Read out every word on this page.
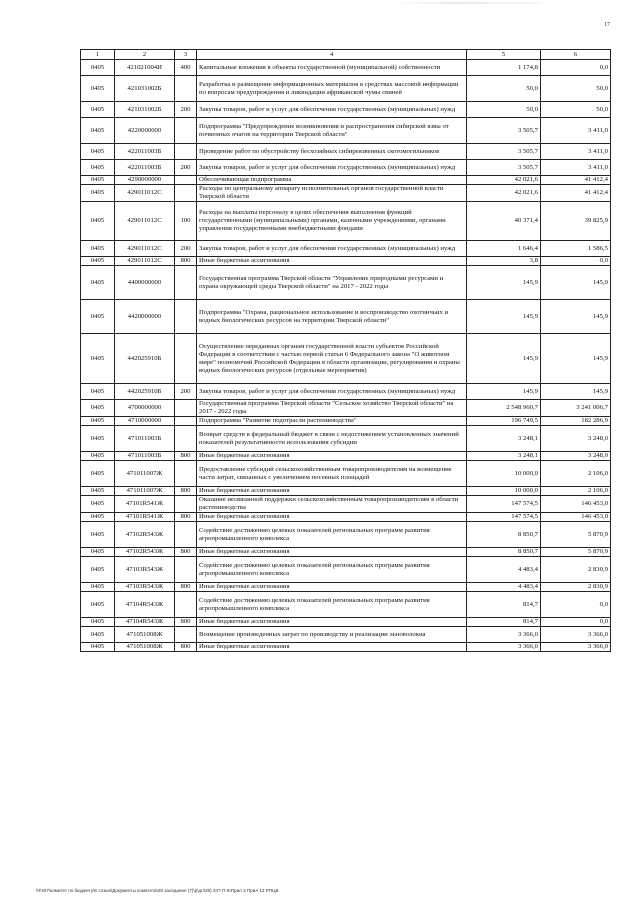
17
1	2	3	4	5	6
0405	421021004И	400	Капитальные вложения в объекты государственной (муниципальной) собственности	1 174,8	0,0
0405	421031002Б		Разработка и размещение информационных материалов в средствах массовой информации по вопросам предупреждения и ликвидации африканской чумы свиней	50,0	50,0
0405	421031002Б	200	Закупка товаров, работ и услуг для обеспечения государственных (муниципальных) нужд	50,0	50,0
0405	4220000000		Подпрограмма "Предупреждение возникновения и распространения сибирской язвы от почвенных очагов на территории Тверской области"	3 505,7	3 411,0
0405	422011003Б		Проведение работ по обустройству бесхозяйных сибиреязвенных скотомогильников	3 505,7	3 411,0
0405	422011003Б	200	Закупка товаров, работ и услуг для обеспечения государственных (муниципальных) нужд	3 505,7	3 411,0
0405	4290000000		Обеспечивающая подпрограмма	42 021,6	41 412,4
0405	429011012С		Расходы по центральному аппарату исполнительных органов государственной власти Тверской области	42 021,6	41 412,4
0405	429011012С	100	Расходы на выплаты персоналу в целях обеспечения выполнения функций государственными (муниципальными) органами, казенными учреждениями, органами управления государственными внебюджетными фондами	40 371,4	39 825,9
0405	429011012С	200	Закупка товаров, работ и услуг для обеспечения государственных (муниципальных) нужд	1 646,4	1 586,5
0405	429011012С	800	Иные бюджетные ассигнования	3,8	0,0
0405	4400000000		Государственная программа Тверской области "Управление природными ресурсами и охрана окружающей среды Тверской области" на 2017 - 2022 годы	145,9	145,9
0405	4420000000		Подпрограмма "Охрана, рациональное использование и воспроизводство охотничьих и водных биологических ресурсов на территории Тверской области"	145,9	145,9
0405	442025910Б		Осуществление переданных органам государственной власти субъектов Российской Федерации в соответствии с частью первой статьи 6 Федерального закона "О животном мире" полномочий Российской Федерации в области организации, регулирования и охраны водных биологических ресурсов (отдельные мероприятия)	145,9	145,9
0405	442025910Б	200	Закупка товаров, работ и услуг для обеспечения государственных (муниципальных) нужд	145,9	145,9
0405	4700000000		Государственная программа Тверской области "Сельское хозяйство Тверской области" на 2017 - 2022 годы	2 548 960,7	3 241 006,7
0405	4710000000		Подпрограмма "Развитие подотрасли растениеводства"	196 749,5	182 286,9
0405	471011003Б		Возврат средств в федеральный бюджет в связи с недостижением установленных значений показателей результативности использования субсидии	3 248,1	3 248,0
0405	471011003Б	800	Иные бюджетные ассигнования	3 248,1	3 248,0
0405	471011007Ж		Предоставление субсидий сельскохозяйственным товаропроизводителям на возмещение части затрат, связанных с увеличением посевных площадей	10 000,0	2 106,0
0405	471011007Ж	800	Иные бюджетные ассигнования	10 000,0	2 106,0
0405	47101R541Ж		Оказание несвязанной поддержки сельскохозяйственным товаропроизводителям в области растениеводства	147 574,5	146 453,0
0405	47101R541Ж	800	Иные бюджетные ассигнования	147 574,5	146 453,0
0405	47102R543Ж		Содействие достижению целевых показателей региональных программ развития агропромышленного комплекса	8 850,7	5 870,9
0405	47102R543Ж	800	Иные бюджетные ассигнования	8 850,7	5 870,9
0405	47103R543Ж		Содействие достижению целевых показателей региональных программ развития агропромышленного комплекса	4 483,4	2 830,9
0405	47103R543Ж	800	Иные бюджетные ассигнования	4 483,4	2 830,9
0405	47104R543Ж		Содействие достижению целевых показателей региональных программ развития агропромышленного комплекса	814,7	0,0
0405	47104R543Ж	800	Иные бюджетные ассигнования	814,7	0,0
0405	471051008Ж		Возмещение произведенных затрат по производству и реализации льноволокна	3 366,0	3 366,0
0405	471051008Ж	800	Иные бюджетные ассигнования	3 366,0	3 366,0
\\Fs07\комитет по бюджету\6 созыв\Документы комитета\28 заседание (7)\р\дп\28) 347-П-6\Прил 3 Прил 12 РПЦВ
